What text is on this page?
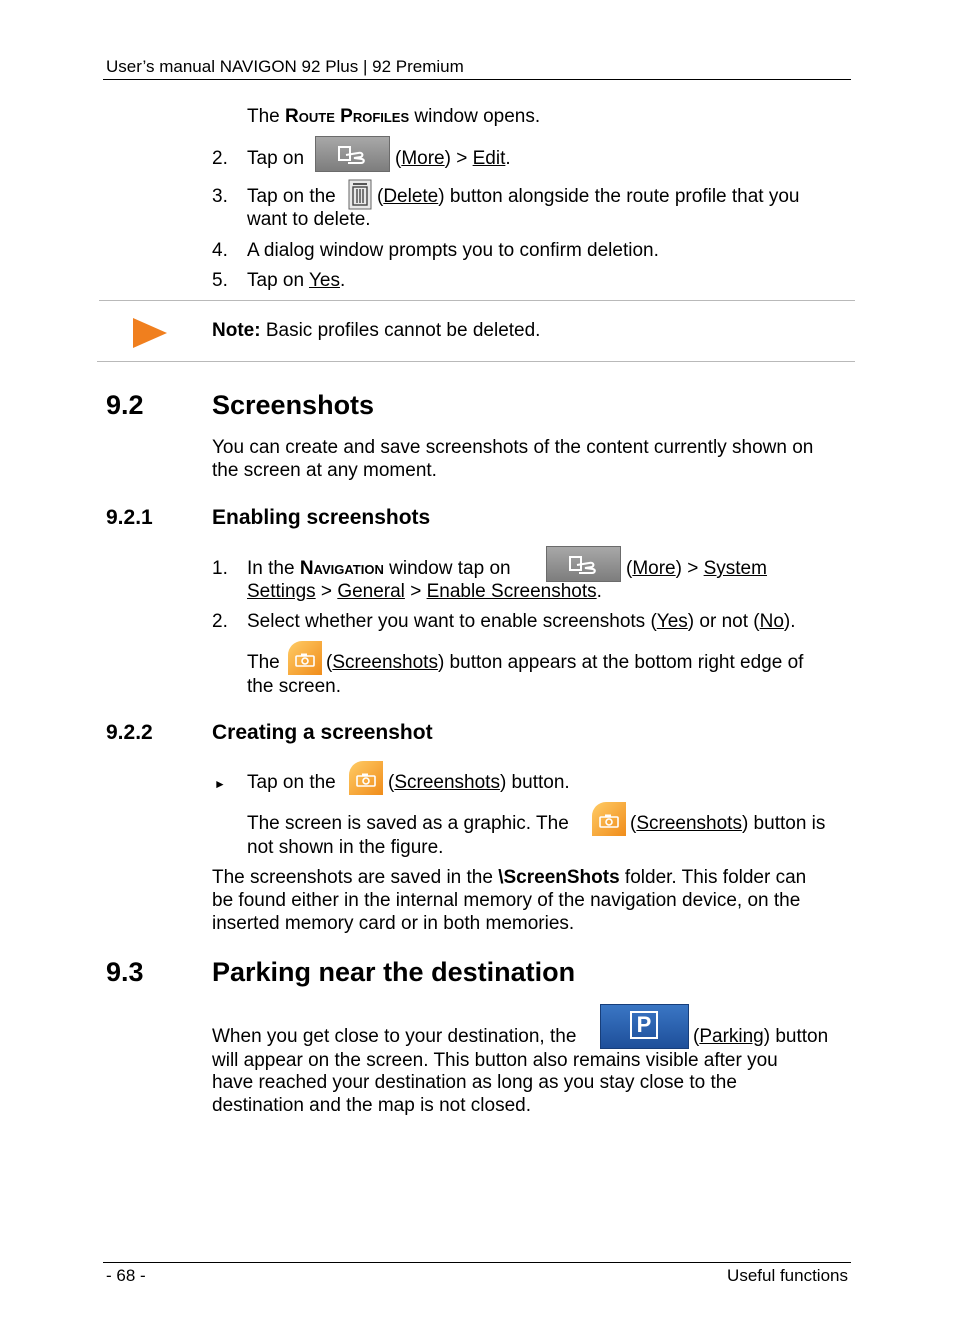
User’s manual NAVIGON 92 Plus | 92 Premium
The Route Profiles window opens.
2. Tap on	(More) > Edit.
3. Tap on the (Delete) button alongside the route profile that you
want to delete.
4. A dialog window prompts you to confirm deletion.
5. Tap on Yes.
Note: Basic profiles cannot be deleted.
9.2	Screenshots
You can create and save screenshots of the content currently shown on
the screen at any moment.
9.2.1	Enabling screenshots
1. In the Navigation window tap on	(More) > System
Settings > General > Enable Screenshots.
2. Select whether you want to enable screenshots (Yes) or not (No).
The (Screenshots) button appears at the bottom right edge of
the screen.
9.2.2	Creating a screenshot
► Tap on the	(Screenshots) button.
The screen is saved as a graphic. The	(Screenshots) button is
not shown in the figure.
The screenshots are saved in the \ScreenShots folder. This folder can
be found either in the internal memory of the navigation device, on the
inserted memory card or in both memories.
9.3	Parking near the destination
When you get close to your destination, the	P	(Parking) button
will appear on the screen. This button also remains visible after you
have reached your destination as long as you stay close to the
destination and the map is not closed.
- 68 -	Useful functions
